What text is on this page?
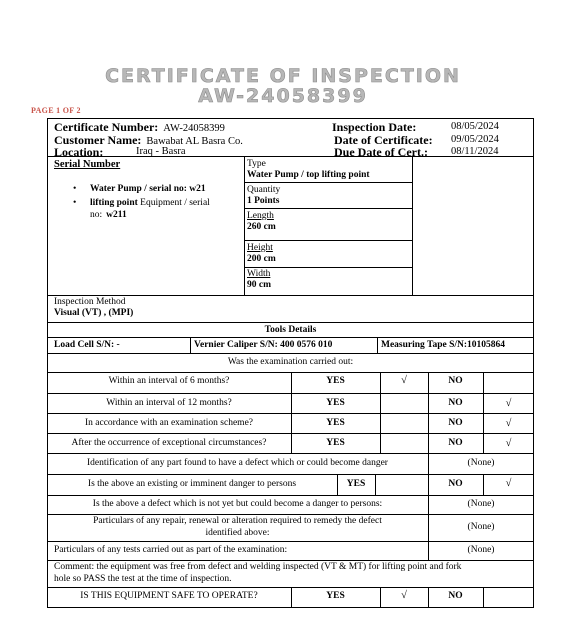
CERTIFICATE OF INSPECTION
AW-24058399
PAGE 1 OF 2
Certificate Number: AW-24058399
Customer Name: Bawabat AL Basra Co.
Location:	Iraq - Basra
Inspection Date:	08/05/2024
Date of Certificate: 09/05/2024
Due Date of Cert.: 08/11/2024
Serial Number
• Water Pump / serial no: w21
• lifting point Equipment / serial no: w211
Type
Water Pump / top lifting point
Quantity
1 Points
Length
260 cm
Height
200 cm
Width
90 cm
Inspection Method
Visual (VT) , (MPI)
Tools Details
Load Cell S/N: -	Vernier Caliper S/N: 400 0576 010	Measuring Tape S/N:10105864
Was the examination carried out:
Within an interval of 6 months?	YES	√	NO
Within an interval of 12 months?	YES	NO	√
In accordance with an examination scheme?	YES	NO	√
After the occurrence of exceptional circumstances?	YES	NO	√
Identification of any part found to have a defect which or could become danger	(None)
Is the above an existing or imminent danger to persons	YES	NO	√
Is the above a defect which is not yet but could become a danger to persons:	(None)
Particulars of any repair, renewal or alteration required to remedy the defect
identified above:
(None)
Particulars of any tests carried out as part of the examination:	(None)
Comment: the equipment was free from defect and welding inspected (VT & MT) for lifting point and fork
hole so PASS the test at the time of inspection.
IS THIS EQUIPMENT SAFE TO OPERATE?	YES	√	NO
